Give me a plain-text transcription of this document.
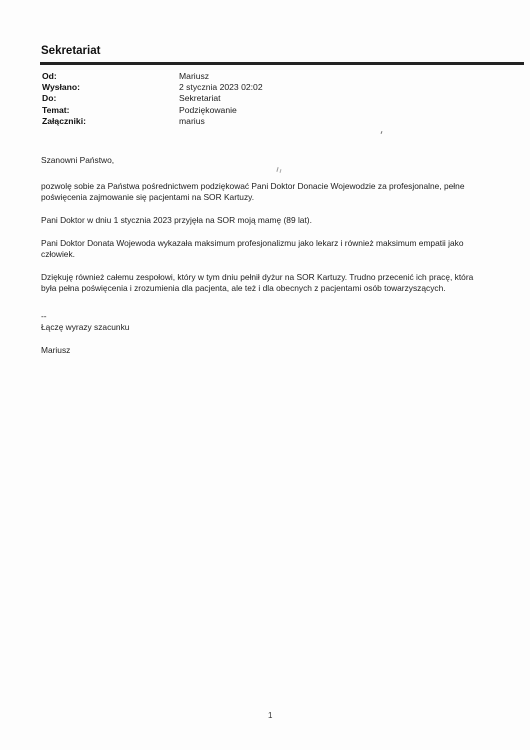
Sekretariat
Od:	Mariusz
Wysłano:	2 stycznia 2023 02:02
Do:	Sekretariat
Temat:	Podziękowanie
Załączniki:	marius

Szanowni Państwo,

pozwolę sobie za Państwa pośrednictwem podziękować Pani Doktor Donacie Wojewodzie za profesjonalne, pełne

poświęcenia zajmowanie się pacjentami na SOR Kartuzy.

Pani Doktor w dniu 1 stycznia 2023 przyjęła na SOR moją mamę (89 lat).

Pani Doktor Donata Wojewoda wykazała maksimum profesjonalizmu jako lekarz i również maksimum empatii jako

człowiek.

Dziękuję również całemu zespołowi, który w tym dniu pełnił dyżur na SOR Kartuzy. Trudno przecenić ich pracę, która

była pełna poświęcenia i zrozumienia dla pacjenta, ale też i dla obecnych z pacjentami osób towarzyszących.

--

Łączę wyrazy szacunku

Mariusz

1
